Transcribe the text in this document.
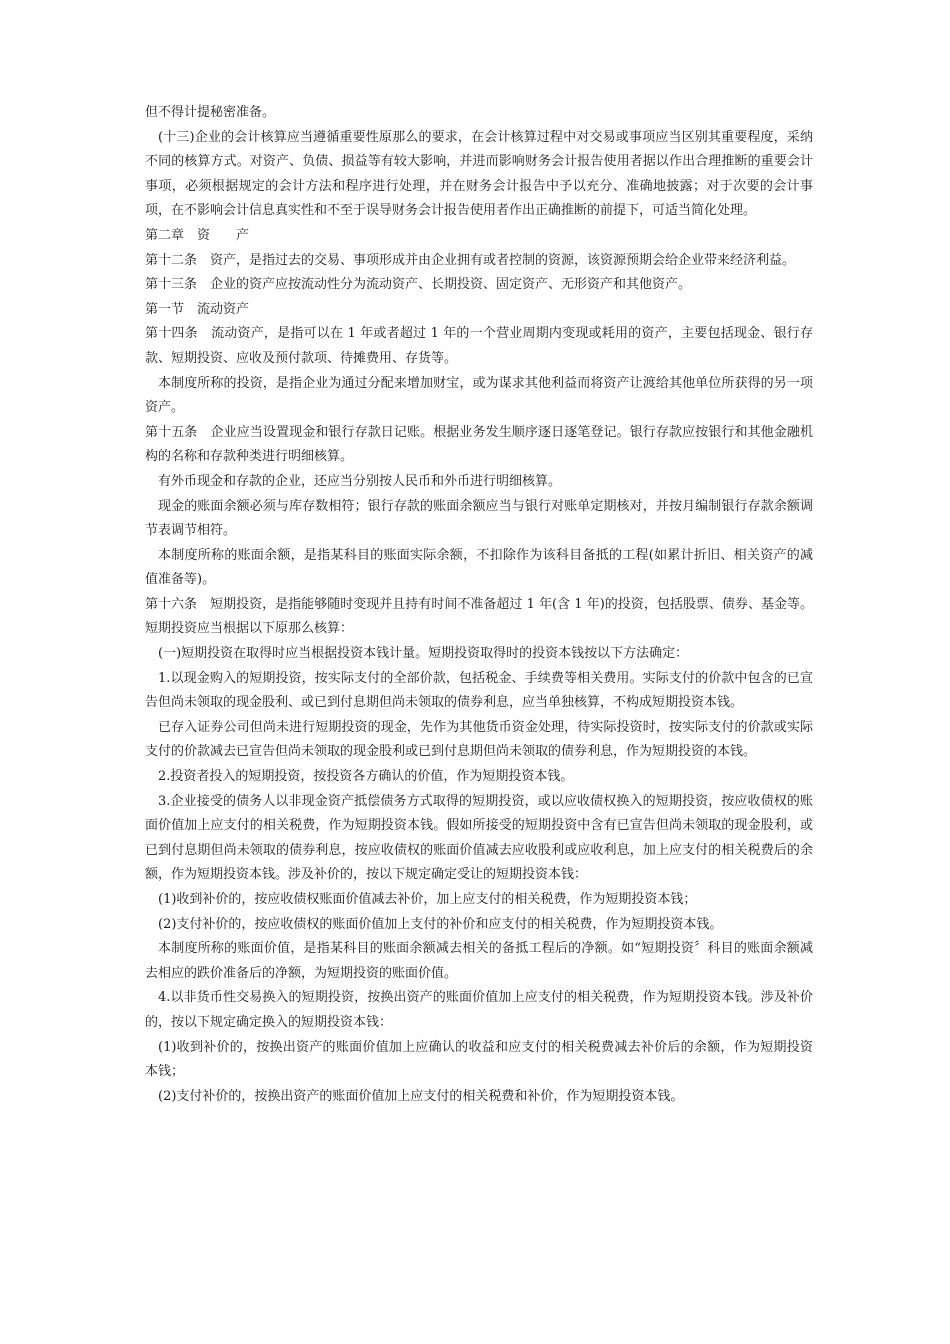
但不得计提秘密准备。

(十三)企业的会计核算应当遵循重要性原那么的要求，在会计核算过程中对交易或事项应当区别其重要程度，采纳不同的核算方式。对资产、负债、损益等有较大影响，并进而影响财务会计报告使用者据以作出合理推断的重要会计事项，必须根据规定的会计方法和程序进行处理，并在财务会计报告中予以充分、准确地披露；对于次要的会计事项，在不影响会计信息真实性和不至于误导财务会计报告使用者作出正确推断的前提下，可适当简化处理。

第二章　资　　产

第十二条　资产，是指过去的交易、事项形成并由企业拥有或者控制的资源，该资源预期会给企业带来经济利益。

第十三条　企业的资产应按流动性分为流动资产、长期投资、固定资产、无形资产和其他资产。

第一节　流动资产

第十四条　流动资产，是指可以在 1 年或者超过 1 年的一个营业周期内变现或耗用的资产，主要包括现金、银行存款、短期投资、应收及预付款项、待摊费用、存货等。

本制度所称的投资，是指企业为通过分配来增加财宝，或为谋求其他利益而将资产让渡给其他单位所获得的另一项资产。

第十五条　企业应当设置现金和银行存款日记账。根据业务发生顺序逐日逐笔登记。银行存款应按银行和其他金融机构的名称和存款种类进行明细核算。

有外币现金和存款的企业，还应当分别按人民币和外币进行明细核算。

现金的账面余额必须与库存数相符；银行存款的账面余额应当与银行对账单定期核对，并按月编制银行存款余额调节表调节相符。

本制度所称的账面余额，是指某科目的账面实际余额，不扣除作为该科目备抵的工程(如累计折旧、相关资产的减值准备等)。

第十六条　短期投资，是指能够随时变现并且持有时间不准备超过 1 年(含 1 年)的投资，包括股票、债券、基金等。短期投资应当根据以下原那么核算：

(一)短期投资在取得时应当根据投资本钱计量。短期投资取得时的投资本钱按以下方法确定：

1.以现金购入的短期投资，按实际支付的全部价款，包括税金、手续费等相关费用。实际支付的价款中包含的已宣告但尚未领取的现金股利、或已到付息期但尚未领取的债券利息，应当单独核算，不构成短期投资本钱。

已存入证券公司但尚未进行短期投资的现金，先作为其他货币资金处理，待实际投资时，按实际支付的价款或实际支付的价款减去已宣告但尚未领取的现金股利或已到付息期但尚未领取的债券利息，作为短期投资的本钱。

2.投资者投入的短期投资，按投资各方确认的价值，作为短期投资本钱。

3.企业接受的债务人以非现金资产抵偿债务方式取得的短期投资，或以应收债权换入的短期投资，按应收债权的账面价值加上应支付的相关税费，作为短期投资本钱。假如所接受的短期投资中含有已宣告但尚未领取的现金股利，或已到付息期但尚未领取的债券利息，按应收债权的账面价值减去应收股利或应收利息，加上应支付的相关税费后的余额，作为短期投资本钱。涉及补价的，按以下规定确定受让的短期投资本钱：

(1)收到补价的，按应收债权账面价值减去补价，加上应支付的相关税费，作为短期投资本钱；

(2)支付补价的，按应收债权的账面价值加上支付的补价和应支付的相关税费，作为短期投资本钱。

本制度所称的账面价值，是指某科目的账面余额减去相关的备抵工程后的净额。如“短期投资〞科目的账面余额减去相应的跌价准备后的净额，为短期投资的账面价值。

4.以非货币性交易换入的短期投资，按换出资产的账面价值加上应支付的相关税费，作为短期投资本钱。涉及补价的，按以下规定确定换入的短期投资本钱：

(1)收到补价的，按换出资产的账面价值加上应确认的收益和应支付的相关税费减去补价后的余额，作为短期投资本钱；

(2)支付补价的，按换出资产的账面价值加上应支付的相关税费和补价，作为短期投资本钱。
